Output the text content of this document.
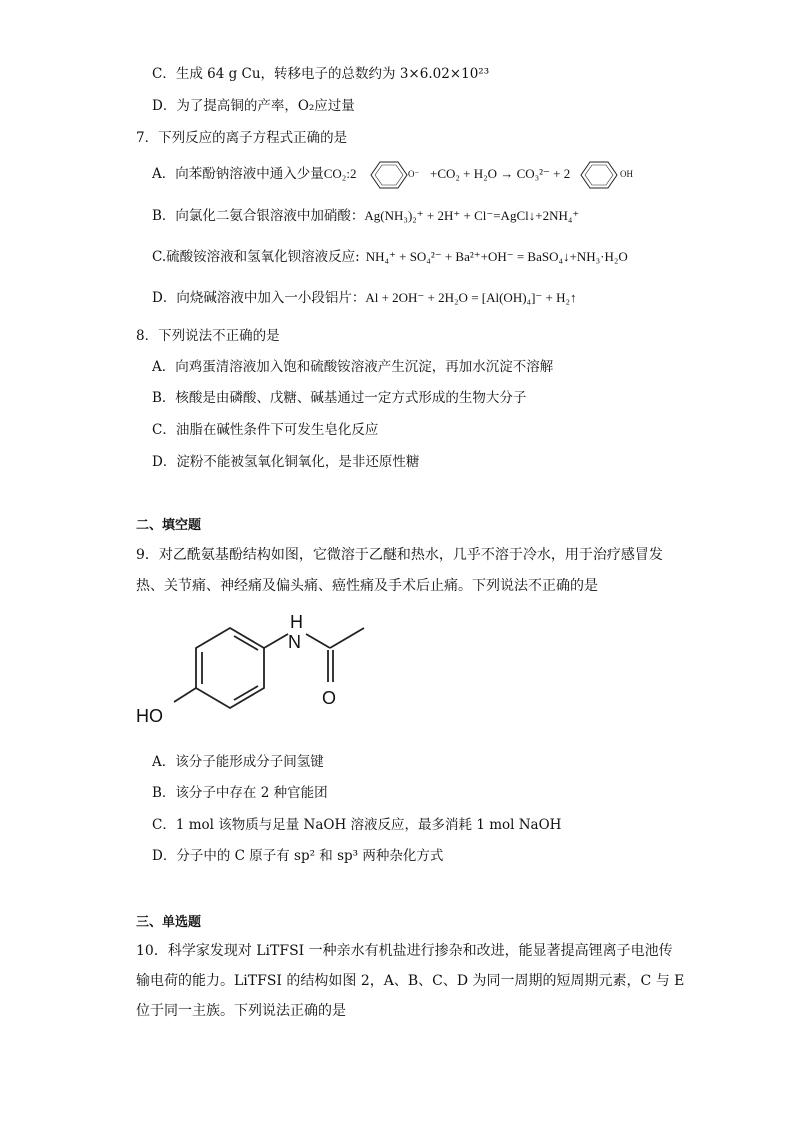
C．生成 64 g Cu，转移电子的总数约为 3×6.02×10²³
D．为了提高铜的产率，O₂应过量
7．下列反应的离子方程式正确的是
A．向苯酚钠溶液中通入少量CO₂:2	O⁻ +CO₂ + H₂O → CO₃²⁻ + 2	OH
B．向氯化二氨合银溶液中加硝酸：Ag(NH₃)₂⁺ + 2H⁺ + Cl⁻=AgCl↓+2NH₄⁺
C.硫酸铵溶液和氢氧化钡溶液反应: NH₄⁺ + SO₄²⁻ + Ba²⁺+OH⁻ = BaSO₄↓+NH₃·H₂O
D．向烧碱溶液中加入一小段铝片：Al + 2OH⁻ + 2H₂O = [Al(OH)₄]⁻ + H₂↑
8．下列说法不正确的是
A．向鸡蛋清溶液加入饱和硫酸铵溶液产生沉淀，再加水沉淀不溶解
B．核酸是由磷酸、戊糖、碱基通过一定方式形成的生物大分子
C．油脂在碱性条件下可发生皂化反应
D．淀粉不能被氢氧化铜氧化，是非还原性糖
二、填空题
9．对乙酰氨基酚结构如图，它微溶于乙醚和热水，几乎不溶于冷水，用于治疗感冒发
热、关节痛、神经痛及偏头痛、癌性痛及手术后止痛。下列说法不正确的是
H
N
O
HO
A．该分子能形成分子间氢键
B．该分子中存在 2 种官能团
C．1 mol 该物质与足量 NaOH 溶液反应，最多消耗 1 mol NaOH
D．分子中的 C 原子有 sp² 和 sp³ 两种杂化方式
三、单选题
10．科学家发现对 LiTFSI 一种亲水有机盐进行掺杂和改进，能显著提高锂离子电池传
输电荷的能力。LiTFSI 的结构如图 2，A、B、C、D 为同一周期的短周期元素，C 与 E
位于同一主族。下列说法正确的是
